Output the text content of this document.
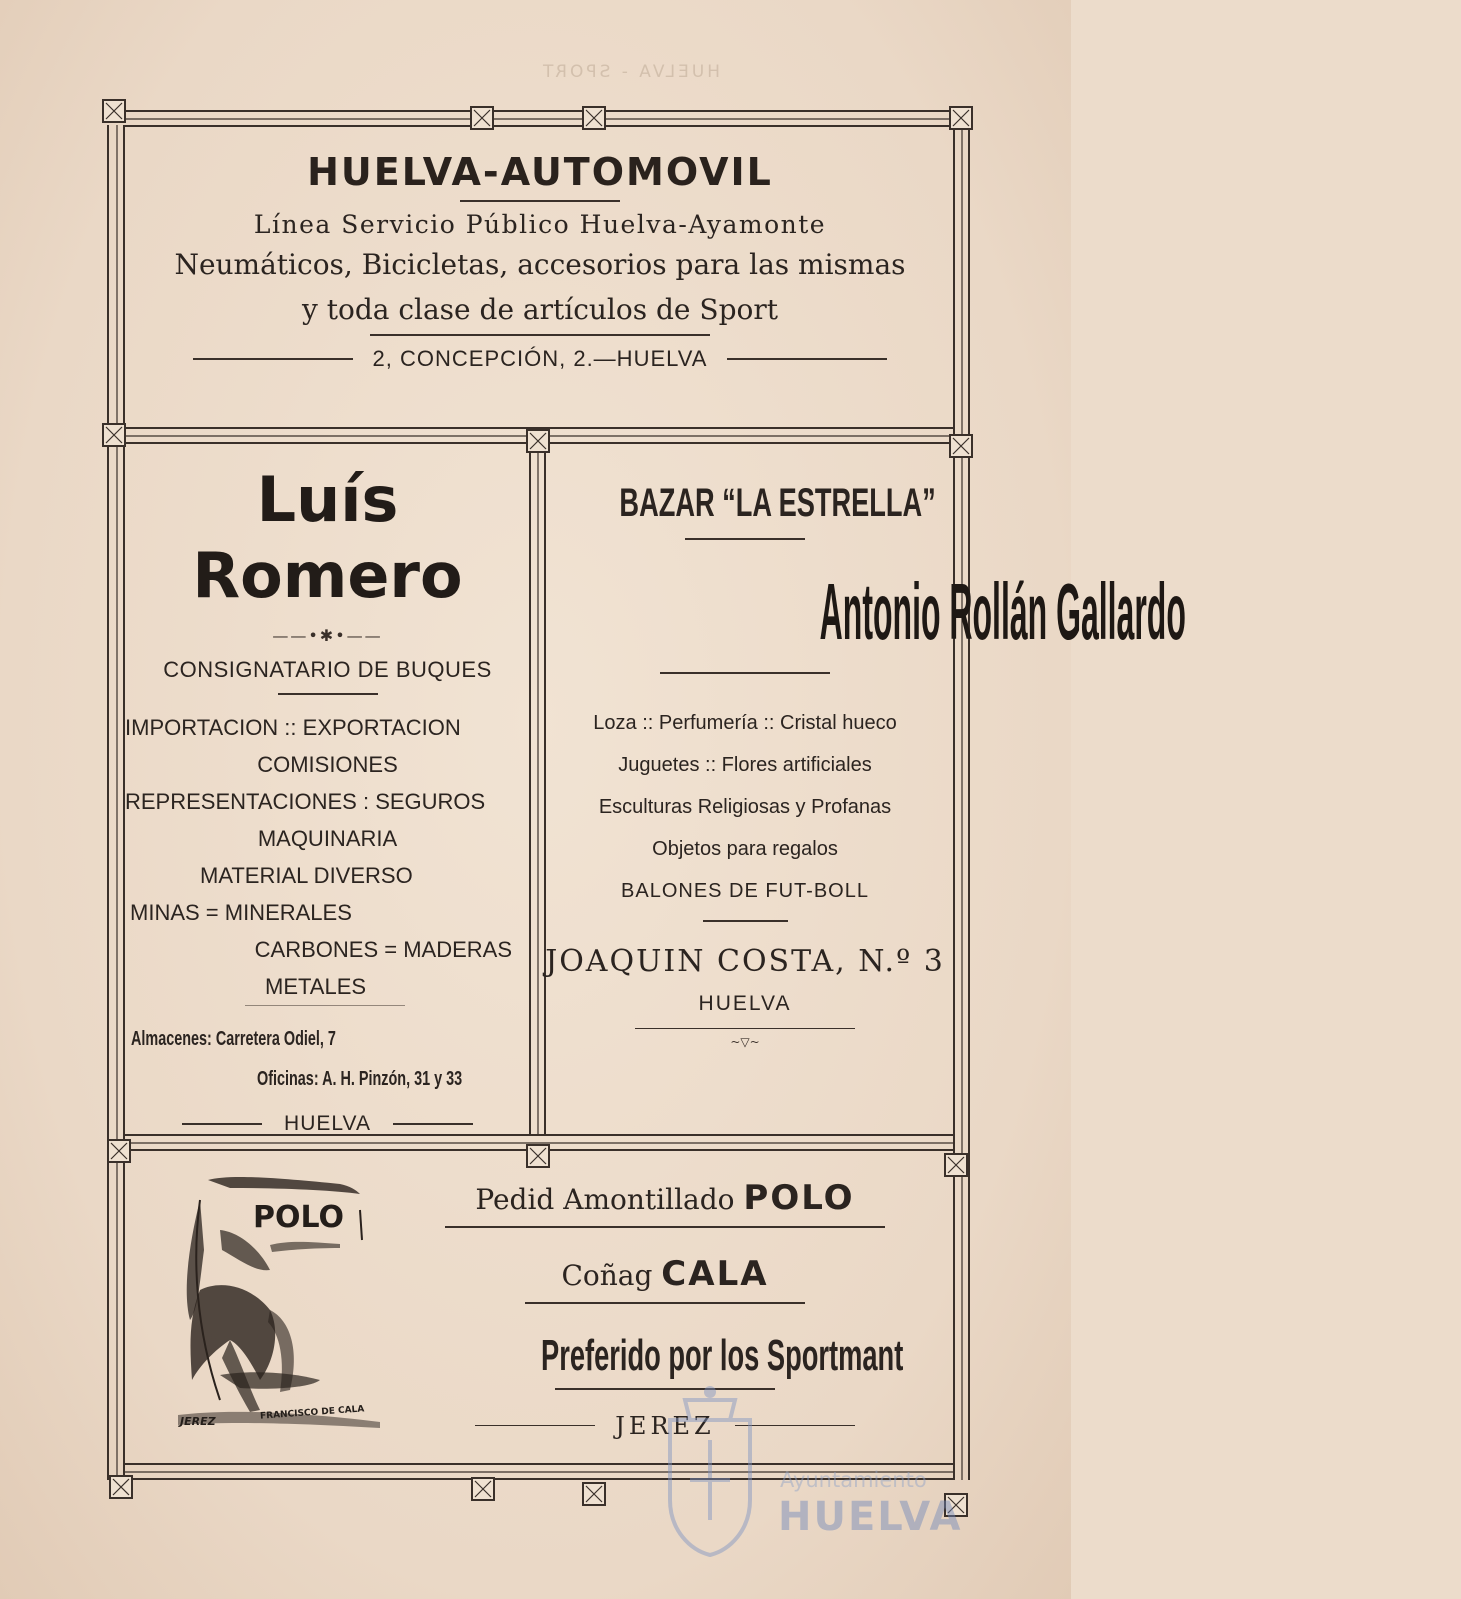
HUELVA - SPORT
HUELVA-AUTOMOVIL
Línea Servicio Público Huelva-Ayamonte
Neumáticos, Bicicletas, accesorios para las mismas
y toda clase de artículos de Sport
2, CONCEPCIÓN, 2.—HUELVA
Luís Romero
——•✱•——
CONSIGNATARIO DE BUQUES
IMPORTACION :: EXPORTACION
COMISIONES
REPRESENTACIONES : SEGUROS
MAQUINARIA
MATERIAL DIVERSO
MINAS = MINERALES
CARBONES = MADERAS
METALES
Almacenes: Carretera Odiel, 7
Oficinas: A. H. Pinzón, 31 y 33
HUELVA
BAZAR “LA ESTRELLA”
Antonio Rollán Gallardo
Loza :: Perfumería :: Cristal hueco
Juguetes :: Flores artificiales
Esculturas Religiosas y Profanas
Objetos para regalos
BALONES DE FUT-BOLL
JOAQUIN COSTA, N.º 3
HUELVA
~▽~
POLO
FRANCISCO DE CALA
JEREZ
Pedid Amontillado POLO
Coñag CALA
Preferido por los Sportmant
JEREZ
Ayuntamiento
HUELVA
